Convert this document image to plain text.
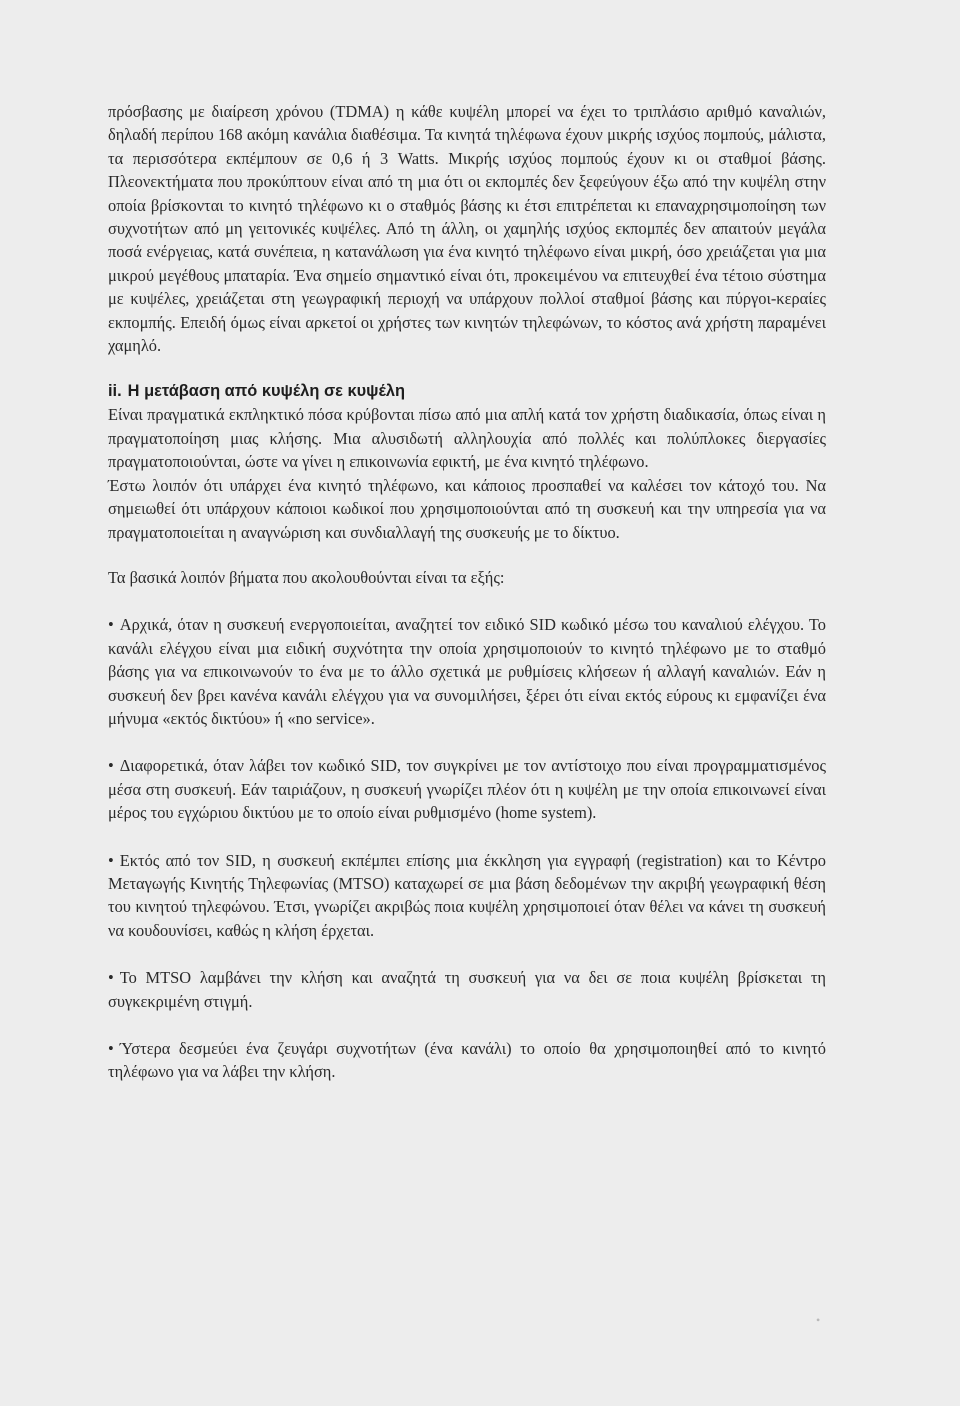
πρόσβασης με διαίρεση χρόνου (TDMA) η κάθε κυψέλη μπορεί να έχει το τριπλάσιο αριθμό καναλιών, δηλαδή περίπου 168 ακόμη κανάλια διαθέσιμα. Τα κινητά τηλέφωνα έχουν μικρής ισχύος πομπούς, μάλιστα, τα περισσότερα εκπέμπουν σε 0,6 ή 3 Watts. Μικρής ισχύος πομπούς έχουν κι οι σταθμοί βάσης. Πλεονεκτήματα που προκύπτουν είναι από τη μια ότι οι εκπομπές δεν ξεφεύγουν έξω από την κυψέλη στην οποία βρίσκονται το κινητό τηλέφωνο κι ο σταθμός βάσης κι έτσι επιτρέπεται κι επαναχρησιμοποίηση των συχνοτήτων από μη γειτονικές κυψέλες. Από τη άλλη, οι χαμηλής ισχύος εκπομπές δεν απαιτούν μεγάλα ποσά ενέργειας, κατά συνέπεια, η κατανάλωση για ένα κινητό τηλέφωνο είναι μικρή, όσο χρειάζεται για μια μικρού μεγέθους μπαταρία. Ένα σημείο σημαντικό είναι ότι, προκειμένου να επιτευχθεί ένα τέτοιο σύστημα με κυψέλες, χρειάζεται στη γεωγραφική περιοχή να υπάρχουν πολλοί σταθμοί βάσης και πύργοι-κεραίες εκπομπής. Επειδή όμως είναι αρκετοί οι χρήστες των κινητών τηλεφώνων, το κόστος ανά χρήστη παραμένει χαμηλό.

ii. Η μετάβαση από κυψέλη σε κυψέλη

Είναι πραγματικά εκπληκτικό πόσα κρύβονται πίσω από μια απλή κατά τον χρήστη διαδικασία, όπως είναι η πραγματοποίηση μιας κλήσης. Μια αλυσιδωτή αλληλουχία από πολλές και πολύπλοκες διεργασίες πραγματοποιούνται, ώστε να γίνει η επικοινωνία εφικτή, με ένα κινητό τηλέφωνο.

Έστω λοιπόν ότι υπάρχει ένα κινητό τηλέφωνο, και κάποιος προσπαθεί να καλέσει τον κάτοχό του. Να σημειωθεί ότι υπάρχουν κάποιοι κωδικοί που χρησιμοποιούνται από τη συσκευή και την υπηρεσία για να πραγματοποιείται η αναγνώριση και συνδιαλλαγή της συσκευής με το δίκτυο.

Τα βασικά λοιπόν βήματα που ακολουθούνται είναι τα εξής:

• Αρχικά, όταν η συσκευή ενεργοποιείται, αναζητεί τον ειδικό SID κωδικό μέσω του καναλιού ελέγχου. Το κανάλι ελέγχου είναι μια ειδική συχνότητα την οποία χρησιμοποιούν το κινητό τηλέφωνο με το σταθμό βάσης για να επικοινωνούν το ένα με το άλλο σχετικά με ρυθμίσεις κλήσεων ή αλλαγή καναλιών. Εάν η συσκευή δεν βρει κανένα κανάλι ελέγχου για να συνομιλήσει, ξέρει ότι είναι εκτός εύρους κι εμφανίζει ένα μήνυμα «εκτός δικτύου» ή «no service».

• Διαφορετικά, όταν λάβει τον κωδικό SID, τον συγκρίνει με τον αντίστοιχο που είναι προγραμματισμένος μέσα στη συσκευή. Εάν ταιριάζουν, η συσκευή γνωρίζει πλέον ότι η κυψέλη με την οποία επικοινωνεί είναι μέρος του εγχώριου δικτύου με το οποίο είναι ρυθμισμένο (home system).

• Εκτός από τον SID, η συσκευή εκπέμπει επίσης μια έκκληση για εγγραφή (registration) και το Κέντρο Μεταγωγής Κινητής Τηλεφωνίας (MTSO) καταχωρεί σε μια βάση δεδομένων την ακριβή γεωγραφική θέση του κινητού τηλεφώνου. Έτσι, γνωρίζει ακριβώς ποια κυψέλη χρησιμοποιεί όταν θέλει να κάνει τη συσκευή να κουδουνίσει, καθώς η κλήση έρχεται.

• Το MTSO λαμβάνει την κλήση και αναζητά τη συσκευή για να δει σε ποια κυψέλη βρίσκεται τη συγκεκριμένη στιγμή.

• Ύστερα δεσμεύει ένα ζευγάρι συχνοτήτων (ένα κανάλι) το οποίο θα χρησιμοποιηθεί από το κινητό τηλέφωνο για να λάβει την κλήση.

•
